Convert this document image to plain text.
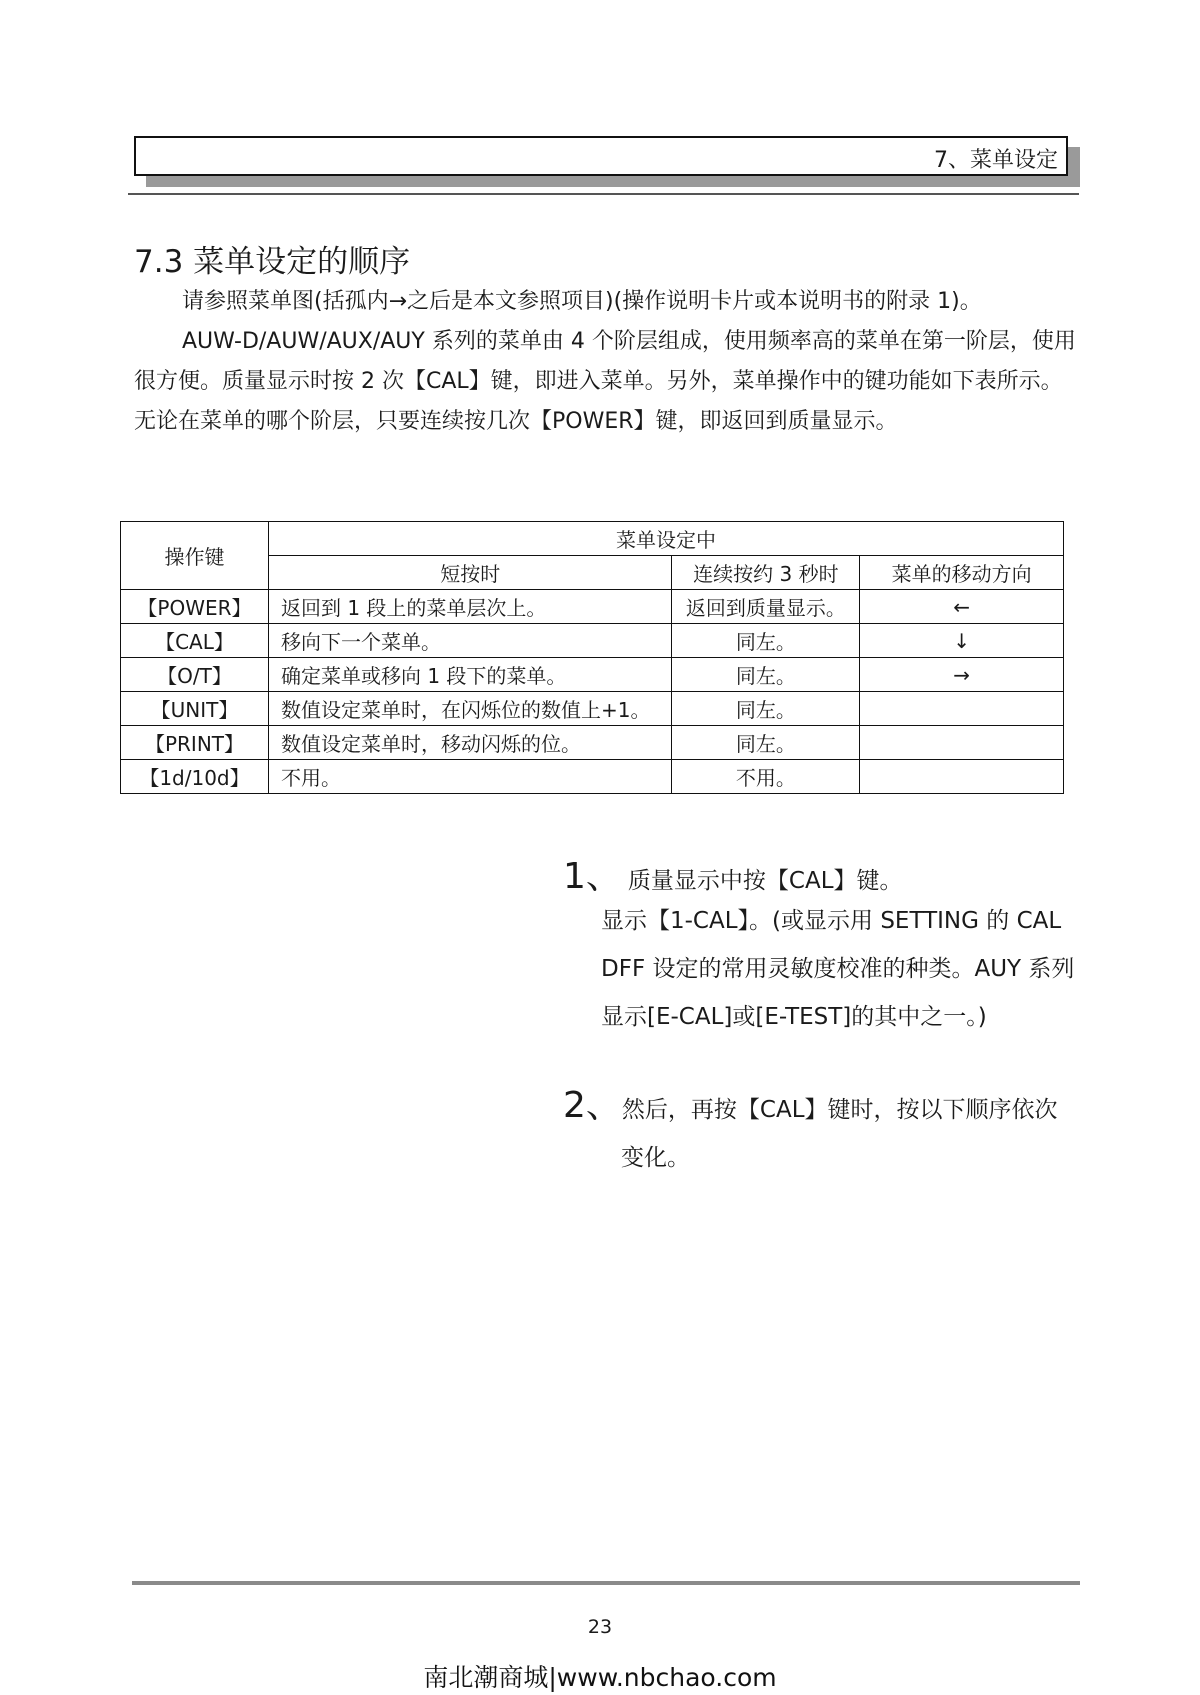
7、菜单设定
7.3 菜单设定的顺序
请参照菜单图(括孤内→之后是本文参照项目)(操作说明卡片或本说明书的附录 1)。
AUW-D/AUW/AUX/AUY 系列的菜单由 4 个阶层组成，使用频率高的菜单在第一阶层，使用很方便。质量显示时按 2 次【CAL】键，即进入菜单。另外，菜单操作中的键功能如下表所示。无论在菜单的哪个阶层，只要连续按几次【POWER】键，即返回到质量显示。
操作键	菜单设定中		
	短按时	连续按约 3 秒时	菜单的移动方向
【POWER】	返回到 1 段上的菜单层次上。	返回到质量显示。	←
【CAL】	移向下一个菜单。	同左。	↓
【O/T】	确定菜单或移向 1 段下的菜单。	同左。	→
【UNIT】	数值设定菜单时，在闪烁位的数值上+1。	同左。	
【PRINT】	数值设定菜单时，移动闪烁的位。	同左。	
【1d/10d】	不用。	不用。	
1、 质量显示中按【CAL】键。
显示【1-CAL】。(或显示用 SETTING 的 CAL DFF 设定的常用灵敏度校准的种类。AUY 系列显示[E-CAL]或[E-TEST]的其中之一。)
2、然后，再按【CAL】键时，按以下顺序依次
变化。
23
南北潮商城|www.nbchao.com
